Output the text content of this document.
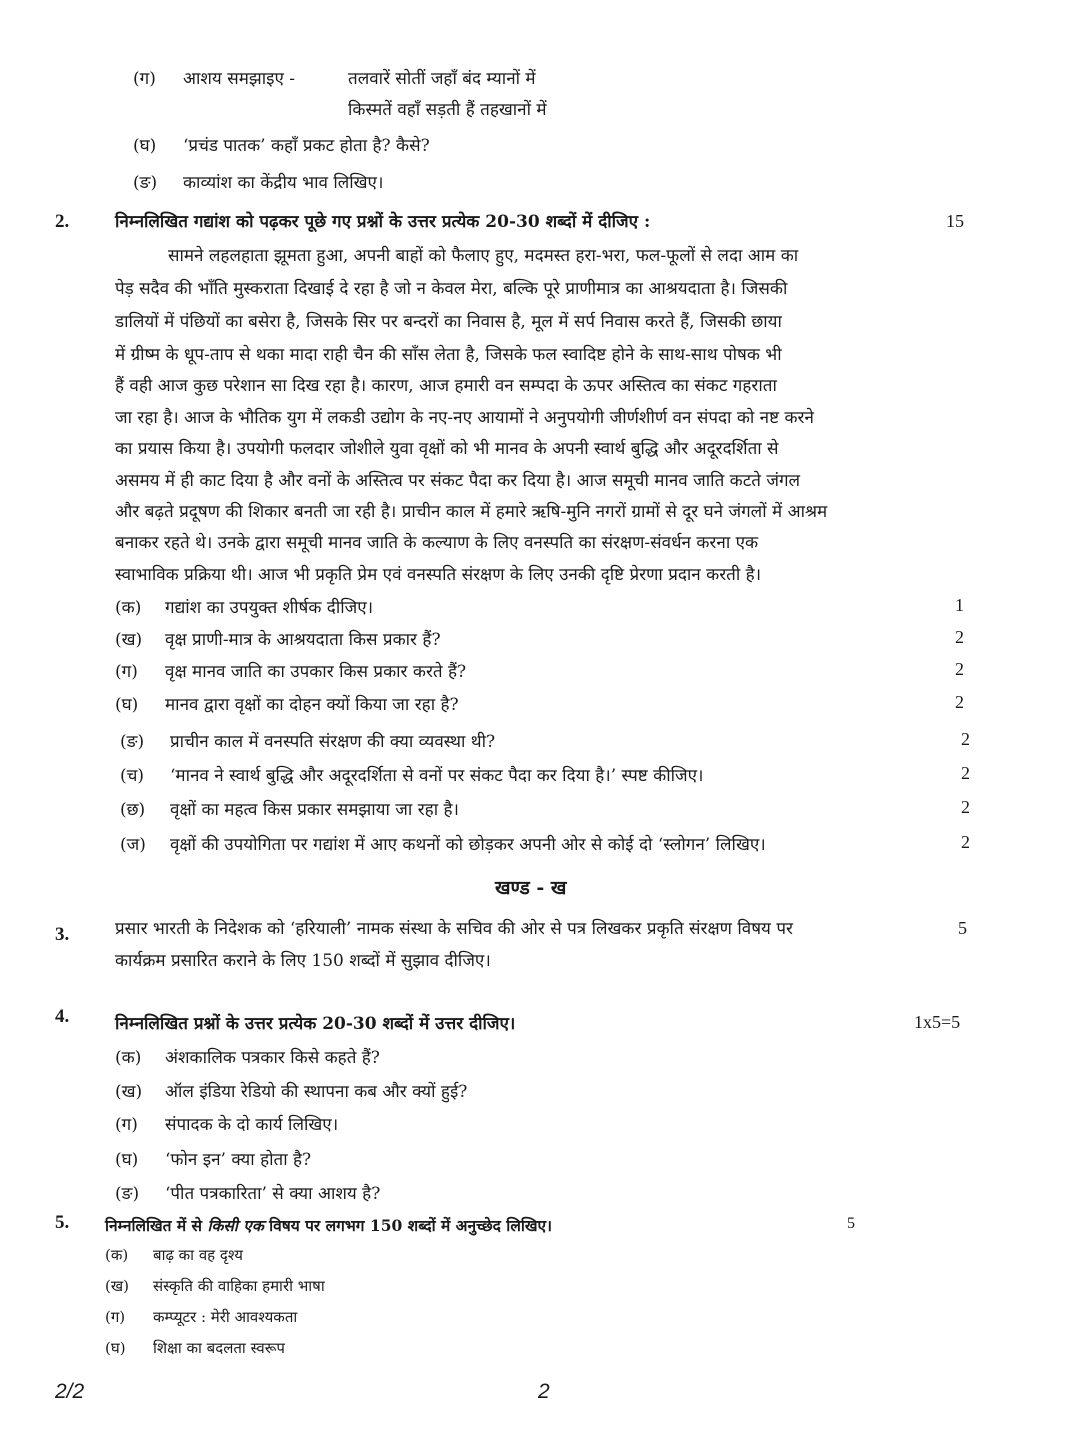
(ग) आशय समझाइए -	तलवारें सोतीं जहाँ बंद म्यानों में
किस्मतें वहाँ सड़ती हैं तहखानों में
(घ) ‘प्रचंड पातक’ कहाँ प्रकट होता है? कैसे?
(ङ) काव्यांश का केंद्रीय भाव लिखिए।
2.	निम्नलिखित गद्यांश को पढ़कर पूछे गए प्रश्नों के उत्तर प्रत्येक 20-30 शब्दों में दीजिए :	15
सामने लहलहाता झूमता हुआ, अपनी बाहों को फैलाए हुए, मदमस्त हरा-भरा, फल-फूलों से लदा आम का
पेड़ सदैव की भाँति मुस्कराता दिखाई दे रहा है जो न केवल मेरा, बल्कि पूरे प्राणीमात्र का आश्रयदाता है। जिसकी
डालियों में पंछियों का बसेरा है, जिसके सिर पर बन्दरों का निवास है, मूल में सर्प निवास करते हैं, जिसकी छाया
में ग्रीष्म के धूप-ताप से थका मादा राही चैन की साँस लेता है, जिसके फल स्वादिष्ट होने के साथ-साथ पोषक भी
हैं वही आज कुछ परेशान सा दिख रहा है। कारण, आज हमारी वन सम्पदा के ऊपर अस्तित्व का संकट गहराता
जा रहा है। आज के भौतिक युग में लकडी उद्योग के नए-नए आयामों ने अनुपयोगी जीर्णशीर्ण वन संपदा को नष्ट करने
का प्रयास किया है। उपयोगी फलदार जोशीले युवा वृक्षों को भी मानव के अपनी स्वार्थ बुद्धि और अदूरदर्शिता से
असमय में ही काट दिया है और वनों के अस्तित्व पर संकट पैदा कर दिया है। आज समूची मानव जाति कटते जंगल
और बढ़ते प्रदूषण की शिकार बनती जा रही है। प्राचीन काल में हमारे ऋषि-मुनि नगरों ग्रामों से दूर घने जंगलों में आश्रम
बनाकर रहते थे। उनके द्वारा समूची मानव जाति के कल्याण के लिए वनस्पति का संरक्षण-संवर्धन करना एक
स्वाभाविक प्रक्रिया थी। आज भी प्रकृति प्रेम एवं वनस्पति संरक्षण के लिए उनकी दृष्टि प्रेरणा प्रदान करती है।
(क) गद्यांश का उपयुक्त शीर्षक दीजिए।	1
(ख) वृक्ष प्राणी-मात्र के आश्रयदाता किस प्रकार हैं?	2
(ग) वृक्ष मानव जाति का उपकार किस प्रकार करते हैं?	2
(घ) मानव द्वारा वृक्षों का दोहन क्यों किया जा रहा है?	2
(ङ) प्राचीन काल में वनस्पति संरक्षण की क्या व्यवस्था थी?	2
(च) ‘मानव ने स्वार्थ बुद्धि और अदूरदर्शिता से वनों पर संकट पैदा कर दिया है।’ स्पष्ट कीजिए।	2
(छ) वृक्षों का महत्व किस प्रकार समझाया जा रहा है।	2
(ज) वृक्षों की उपयोगिता पर गद्यांश में आए कथनों को छोड़कर अपनी ओर से कोई दो ‘स्लोगन’ लिखिए।	2
खण्ड - ख
3.	प्रसार भारती के निदेशक को ‘हरियाली’ नामक संस्था के सचिव की ओर से पत्र लिखकर प्रकृति संरक्षण विषय पर
कार्यक्रम प्रसारित कराने के लिए 150 शब्दों में सुझाव दीजिए।
5
4.	निम्नलिखित प्रश्नों के उत्तर प्रत्येक 20-30 शब्दों में उत्तर दीजिए।	1x5=5
(क) अंशकालिक पत्रकार किसे कहते हैं?
(ख) ऑल इंडिया रेडियो की स्थापना कब और क्यों हुई?
(ग) संपादक के दो कार्य लिखिए।
(घ) ‘फोन इन’ क्या होता है?
(ङ) ‘पीत पत्रकारिता’ से क्या आशय है?
5. निम्नलिखित में से किसी एक विषय पर लगभग 150 शब्दों में अनुच्छेद लिखिए।	5
(क) बाढ़ का वह दृश्य
(ख) संस्कृति की वाहिका हमारी भाषा
(ग) कम्प्यूटर : मेरी आवश्यकता
(घ) शिक्षा का बदलता स्वरूप
2/2	2
